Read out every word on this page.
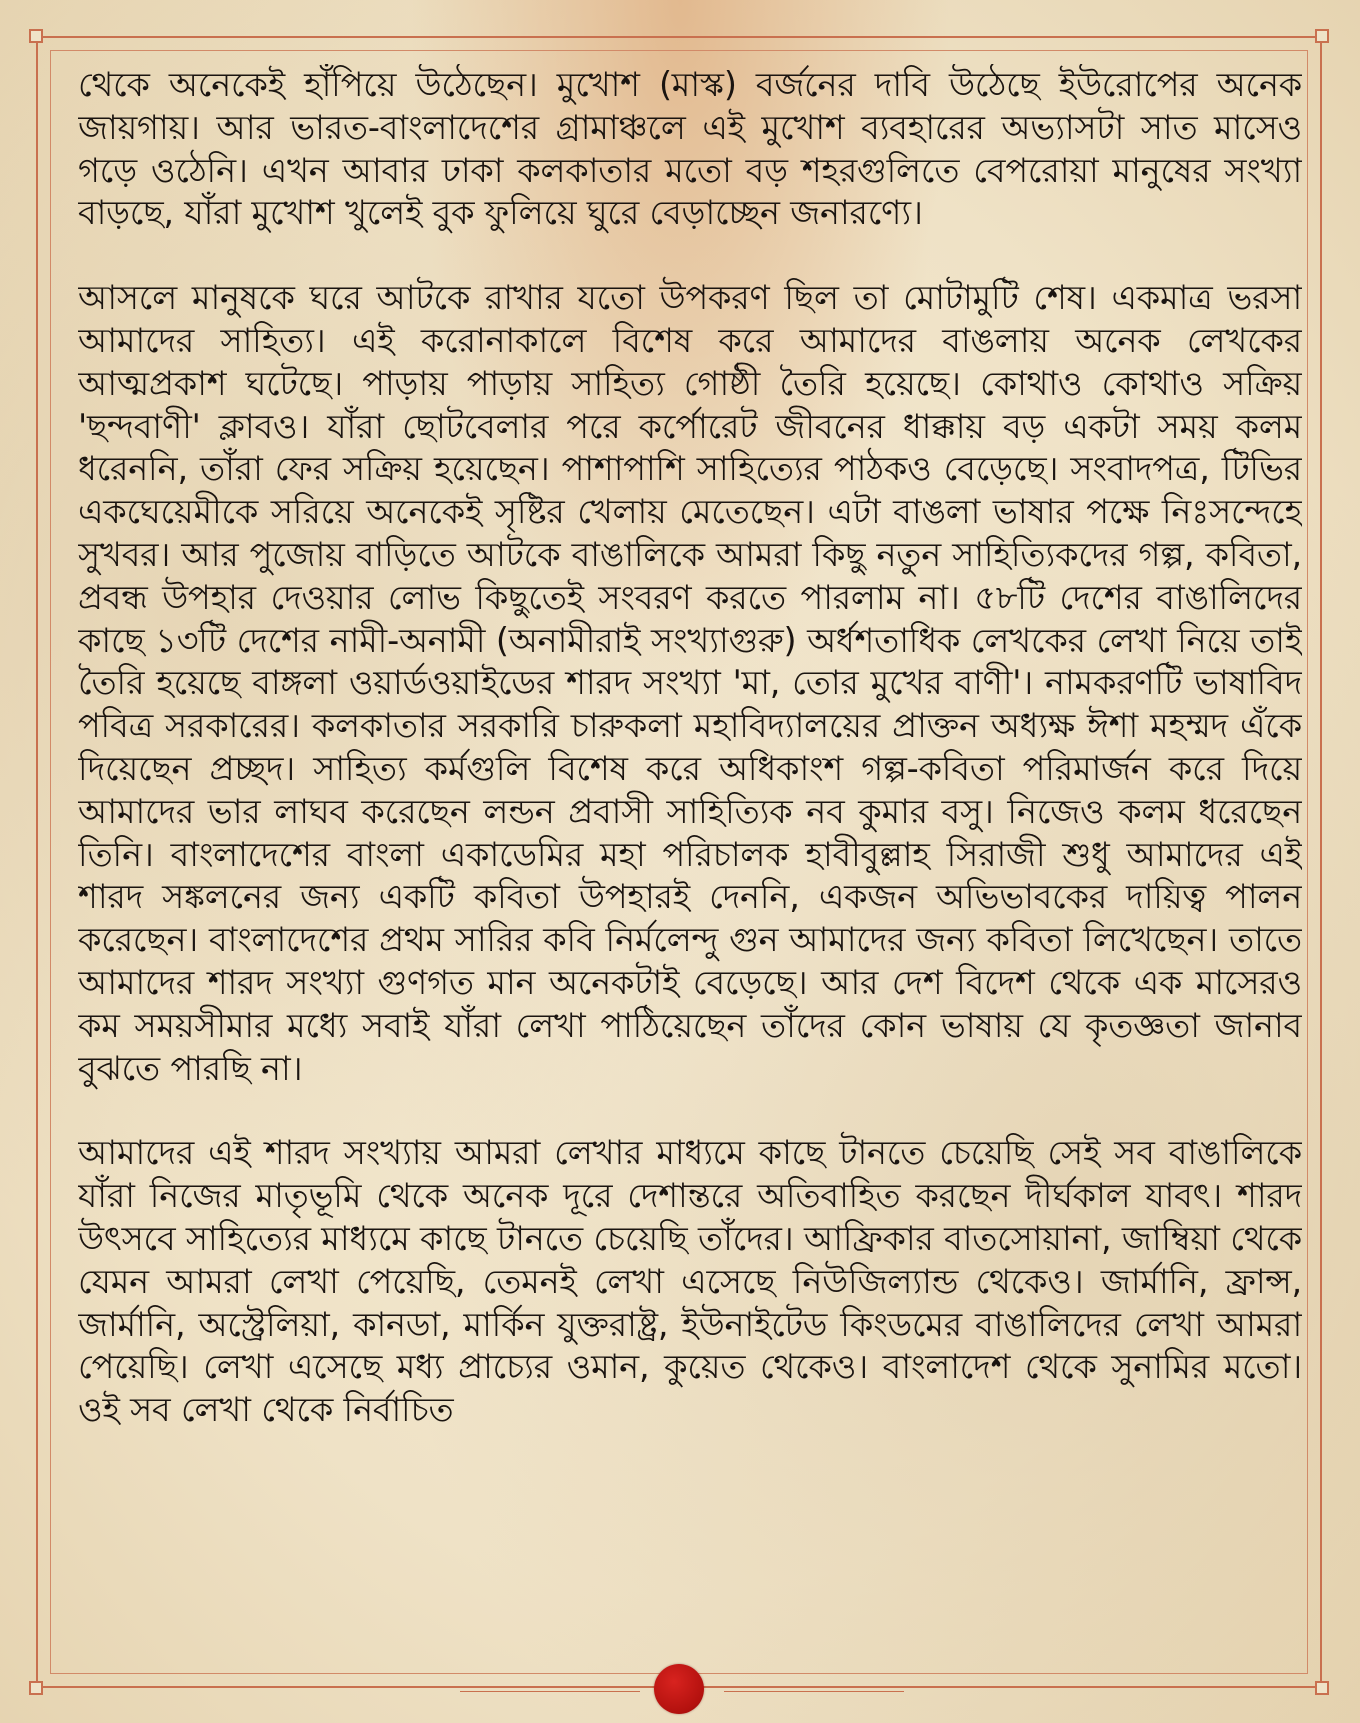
থেকে অনেকেই হাঁপিয়ে উঠেছেন। মুখোশ (মাস্ক) বর্জনের দাবি উঠেছে ইউরোপের অনেক জায়গায়। আর ভারত-বাংলাদেশের গ্রামাঞ্চলে এই মুখোশ ব্যবহারের অভ্যাসটা সাত মাসেও গড়ে ওঠেনি। এখন আবার ঢাকা কলকাতার মতো বড় শহরগুলিতে বেপরোয়া মানুষের সংখ্যা বাড়ছে, যাঁরা মুখোশ খুলেই বুক ফুলিয়ে ঘুরে বেড়াচ্ছেন জনারণ্যে।

আসলে মানুষকে ঘরে আটকে রাখার যতো উপকরণ ছিল তা মোটামুটি শেষ। একমাত্র ভরসা আমাদের সাহিত্য। এই করোনাকালে বিশেষ করে আমাদের বাঙলায় অনেক লেখকের আত্মপ্রকাশ ঘটেছে। পাড়ায় পাড়ায় সাহিত্য গোষ্ঠী তৈরি হয়েছে। কোথাও কোথাও সক্রিয় 'ছন্দবাণী' ক্লাবও। যাঁরা ছোটবেলার পরে কর্পোরেট জীবনের ধাক্কায় বড় একটা সময় কলম ধরেননি, তাঁরা ফের সক্রিয় হয়েছেন। পাশাপাশি সাহিত্যের পাঠকও বেড়েছে। সংবাদপত্র, টিভির একঘেয়েমীকে সরিয়ে অনেকেই সৃষ্টির খেলায় মেতেছেন। এটা বাঙলা ভাষার পক্ষে নিঃসন্দেহে সুখবর। আর পুজোয় বাড়িতে আটকে বাঙালিকে আমরা কিছু নতুন সাহিত্যিকদের গল্প, কবিতা, প্রবন্ধ উপহার দেওয়ার লোভ কিছুতেই সংবরণ করতে পারলাম না। ৫৮টি দেশের বাঙালিদের কাছে ১৩টি দেশের নামী-অনামী (অনামীরাই সংখ্যাগুরু) অর্ধশতাধিক লেখকের লেখা নিয়ে তাই তৈরি হয়েছে বাঙ্গলা ওয়ার্ডওয়াইডের শারদ সংখ্যা 'মা, তোর মুখের বাণী'। নামকরণটি ভাষাবিদ পবিত্র সরকারের। কলকাতার সরকারি চারুকলা মহাবিদ্যালয়ের প্রাক্তন অধ্যক্ষ ঈশা মহম্মদ এঁকে দিয়েছেন প্রচ্ছদ। সাহিত্য কর্মগুলি বিশেষ করে অধিকাংশ গল্প-কবিতা পরিমার্জন করে দিয়ে আমাদের ভার লাঘব করেছেন লন্ডন প্রবাসী সাহিত্যিক নব কুমার বসু। নিজেও কলম ধরেছেন তিনি। বাংলাদেশের বাংলা একাডেমির মহা পরিচালক হাবীবুল্লাহ সিরাজী শুধু আমাদের এই শারদ সঙ্কলনের জন্য একটি কবিতা উপহারই দেননি, একজন অভিভাবকের দায়িত্ব পালন করেছেন। বাংলাদেশের প্রথম সারির কবি নির্মলেন্দু গুন আমাদের জন্য কবিতা লিখেছেন। তাতে আমাদের শারদ সংখ্যা গুণগত মান অনেকটাই বেড়েছে। আর দেশ বিদেশ থেকে এক মাসেরও কম সময়সীমার মধ্যে সবাই যাঁরা লেখা পাঠিয়েছেন তাঁদের কোন ভাষায় যে কৃতজ্ঞতা জানাব বুঝতে পারছি না।

আমাদের এই শারদ সংখ্যায় আমরা লেখার মাধ্যমে কাছে টানতে চেয়েছি সেই সব বাঙালিকে যাঁরা নিজের মাতৃভূমি থেকে অনেক দূরে দেশান্তরে অতিবাহিত করছেন দীর্ঘকাল যাবৎ। শারদ উৎসবে সাহিত্যের মাধ্যমে কাছে টানতে চেয়েছি তাঁদের। আফ্রিকার বাতসোয়ানা, জাম্বিয়া থেকে যেমন আমরা লেখা পেয়েছি, তেমনই লেখা এসেছে নিউজিল্যান্ড থেকেও। জার্মানি, ফ্রান্স, জার্মানি, অস্ট্রেলিয়া, কানডা, মার্কিন যুক্তরাষ্ট্র, ইউনাইটেড কিংডমের বাঙালিদের লেখা আমরা পেয়েছি। লেখা এসেছে মধ্য প্রাচ্যের ওমান, কুয়েত থেকেও। বাংলাদেশ থেকে সুনামির মতো। ওই সব লেখা থেকে নির্বাচিত
